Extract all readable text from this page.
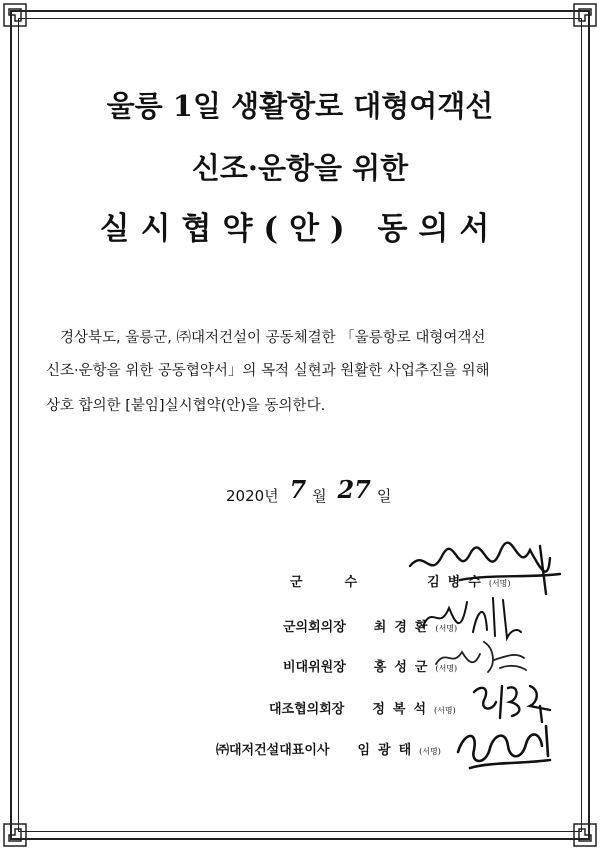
울릉 1일 생활항로 대형여객선
신조·운항을 위한
실시협약(안) 동의서
경상북도, 울릉군, ㈜대저건설이 공동체결한 「울릉항로 대형여객선
신조·운항을 위한 공동협약서」의 목적 실현과 원활한 사업추진을 위해
상호 합의한 [붙임]실시협약(안)을 동의한다.
2020년 7 월 27 일
군수 김병수(서명)
군의회의장 최경환(서명)
비대위원장 홍성군(서명)
대조협의회장 정복석(서명)
㈜대저건설대표이사 임광태(서명)
